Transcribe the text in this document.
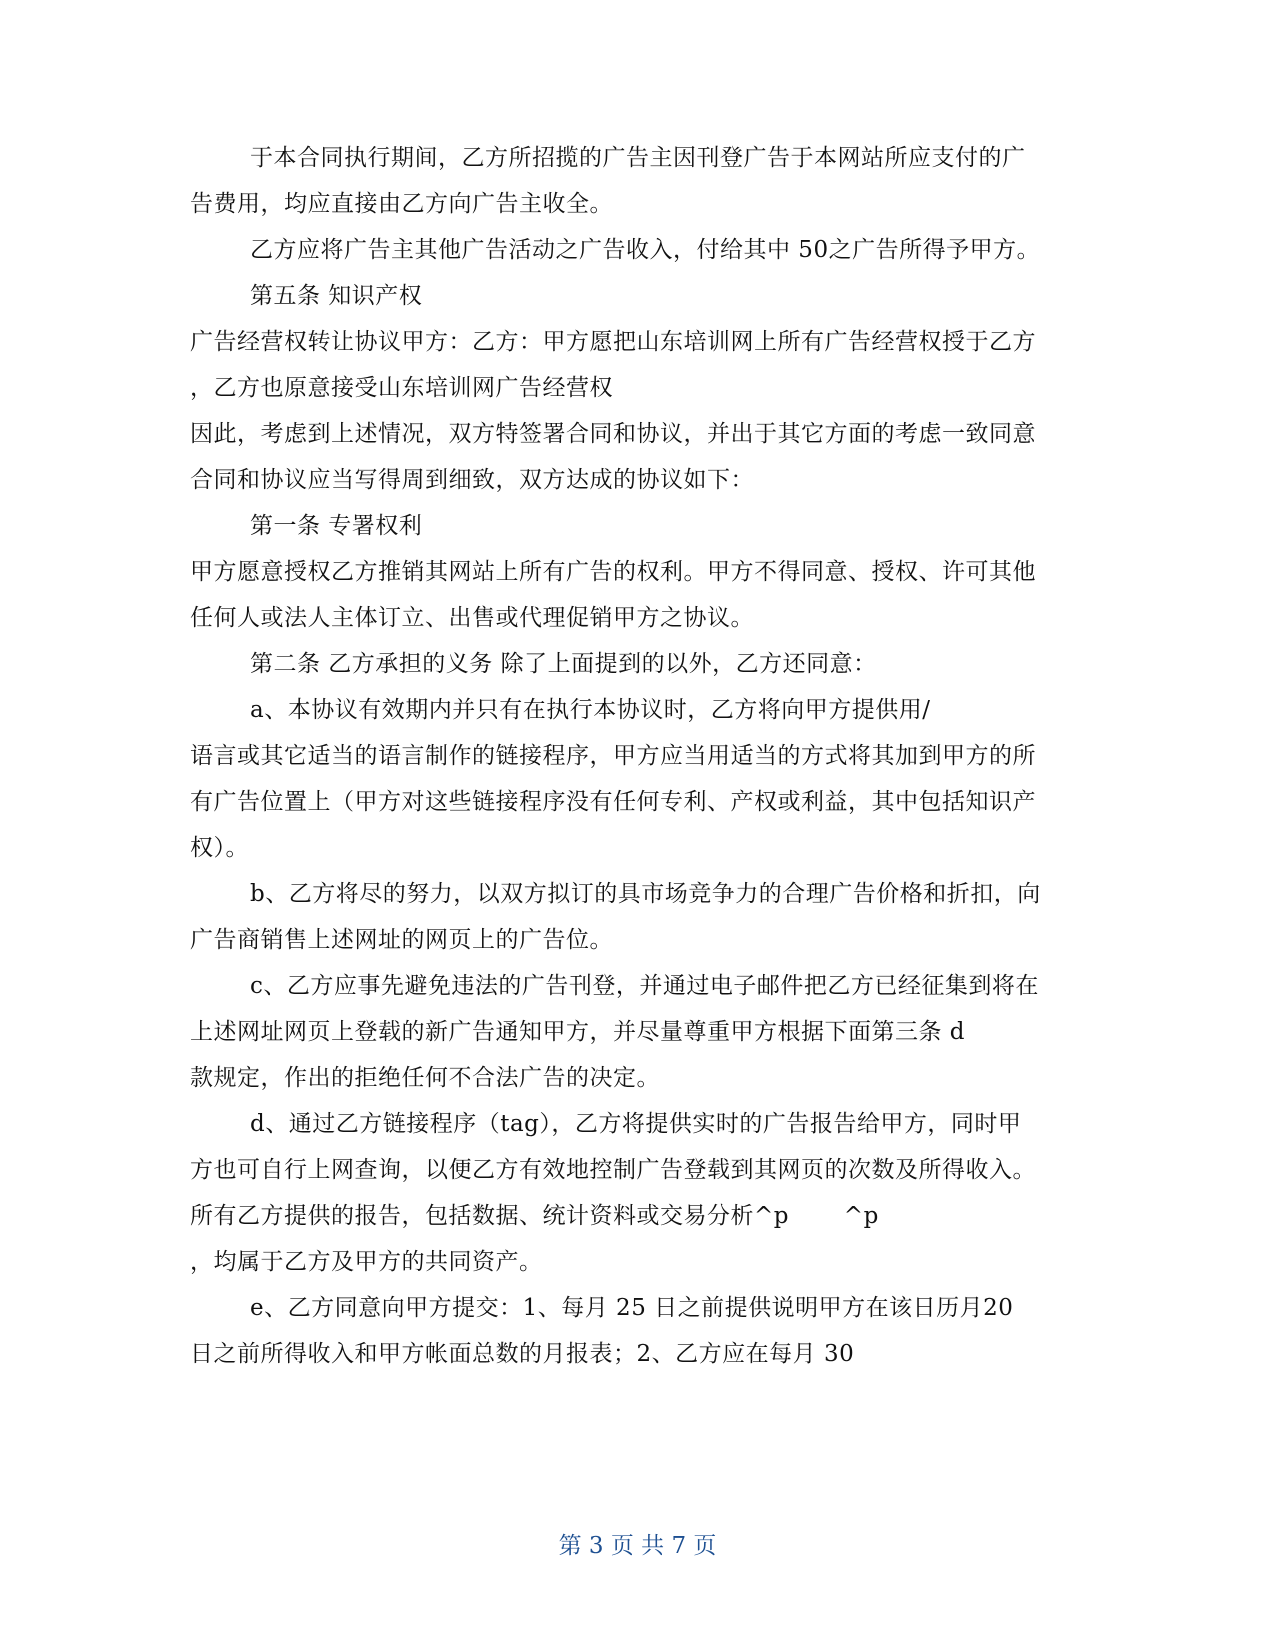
于本合同执行期间，乙方所招揽的广告主因刊登广告于本网站所应支付的广
告费用，均应直接由乙方向广告主收全。
乙方应将广告主其他广告活动之广告收入，付给其中 50之广告所得予甲方。
第五条 知识产权
广告经营权转让协议甲方：乙方：甲方愿把山东培训网上所有广告经营权授于乙方
，乙方也原意接受山东培训网广告经营权
因此，考虑到上述情况，双方特签署合同和协议，并出于其它方面的考虑一致同意
合同和协议应当写得周到细致，双方达成的协议如下：
第一条 专署权利
甲方愿意授权乙方推销其网站上所有广告的权利。甲方不得同意、授权、许可其他
任何人或法人主体订立、出售或代理促销甲方之协议。
第二条 乙方承担的义务 除了上面提到的以外，乙方还同意：
a、本协议有效期内并只有在执行本协议时，乙方将向甲方提供用/
语言或其它适当的语言制作的链接程序，甲方应当用适当的方式将其加到甲方的所
有广告位置上（甲方对这些链接程序没有任何专利、产权或利益，其中包括知识产
权）。
b、乙方将尽的努力，以双方拟订的具市场竞争力的合理广告价格和折扣，向
广告商销售上述网址的网页上的广告位。
c、乙方应事先避免违法的广告刊登，并通过电子邮件把乙方已经征集到将在
上述网址网页上登载的新广告通知甲方，并尽量尊重甲方根据下面第三条 d
款规定，作出的拒绝任何不合法广告的决定。
d、通过乙方链接程序（tag），乙方将提供实时的广告报告给甲方，同时甲
方也可自行上网查询，以便乙方有效地控制广告登载到其网页的次数及所得收入。
所有乙方提供的报告，包括数据、统计资料或交易分析^p　　 ^p
，均属于乙方及甲方的共同资产。
e、乙方同意向甲方提交：1、每月 25 日之前提供说明甲方在该日历月20
日之前所得收入和甲方帐面总数的月报表；2、乙方应在每月 30
第 3 页 共 7 页
